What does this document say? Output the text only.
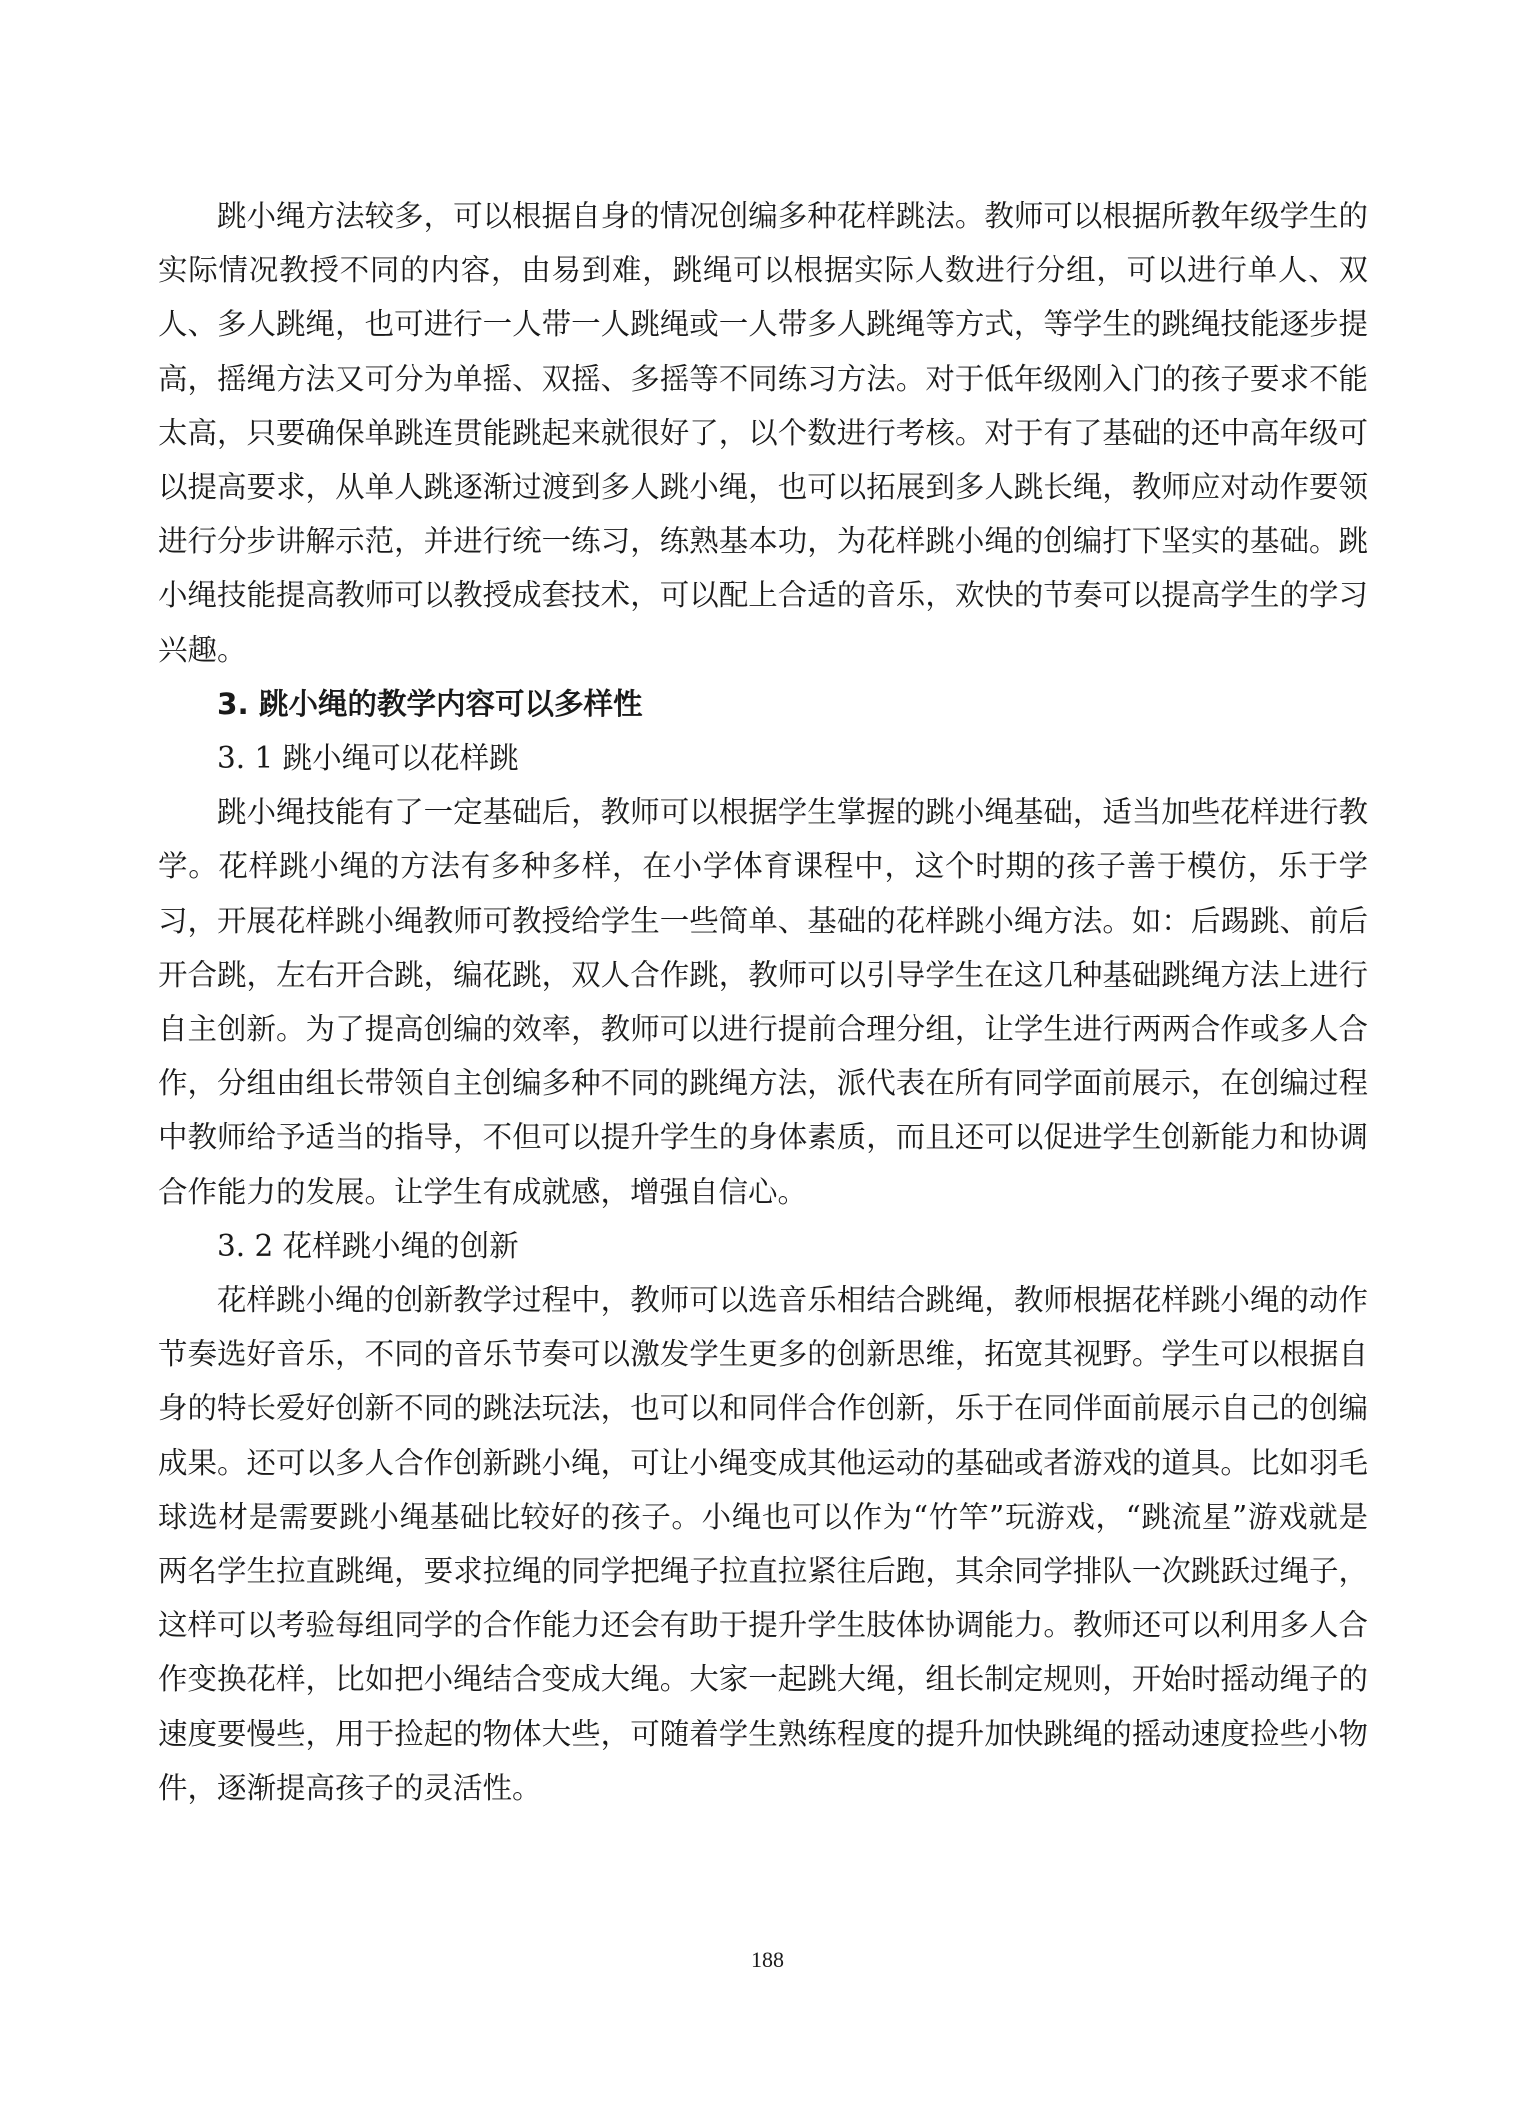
跳小绳方法较多，可以根据自身的情况创编多种花样跳法。教师可以根据所教年级学生的实际情况教授不同的内容，由易到难，跳绳可以根据实际人数进行分组，可以进行单人、双人、多人跳绳，也可进行一人带一人跳绳或一人带多人跳绳等方式，等学生的跳绳技能逐步提高，摇绳方法又可分为单摇、双摇、多摇等不同练习方法。对于低年级刚入门的孩子要求不能太高，只要确保单跳连贯能跳起来就很好了，以个数进行考核。对于有了基础的还中高年级可以提高要求，从单人跳逐渐过渡到多人跳小绳，也可以拓展到多人跳长绳，教师应对动作要领进行分步讲解示范，并进行统一练习，练熟基本功，为花样跳小绳的创编打下坚实的基础。跳小绳技能提高教师可以教授成套技术，可以配上合适的音乐，欢快的节奏可以提高学生的学习兴趣。

3. 跳小绳的教学内容可以多样性

3. 1 跳小绳可以花样跳

跳小绳技能有了一定基础后，教师可以根据学生掌握的跳小绳基础，适当加些花样进行教学。花样跳小绳的方法有多种多样，在小学体育课程中，这个时期的孩子善于模仿，乐于学习，开展花样跳小绳教师可教授给学生一些简单、基础的花样跳小绳方法。如：后踢跳、前后开合跳，左右开合跳，编花跳，双人合作跳，教师可以引导学生在这几种基础跳绳方法上进行自主创新。为了提高创编的效率，教师可以进行提前合理分组，让学生进行两两合作或多人合作，分组由组长带领自主创编多种不同的跳绳方法，派代表在所有同学面前展示，在创编过程中教师给予适当的指导，不但可以提升学生的身体素质，而且还可以促进学生创新能力和协调合作能力的发展。让学生有成就感，增强自信心。

3. 2 花样跳小绳的创新

花样跳小绳的创新教学过程中，教师可以选音乐相结合跳绳，教师根据花样跳小绳的动作节奏选好音乐，不同的音乐节奏可以激发学生更多的创新思维，拓宽其视野。学生可以根据自身的特长爱好创新不同的跳法玩法，也可以和同伴合作创新，乐于在同伴面前展示自己的创编成果。还可以多人合作创新跳小绳，可让小绳变成其他运动的基础或者游戏的道具。比如羽毛球选材是需要跳小绳基础比较好的孩子。小绳也可以作为“竹竿”玩游戏，“跳流星”游戏就是两名学生拉直跳绳，要求拉绳的同学把绳子拉直拉紧往后跑，其余同学排队一次跳跃过绳子，这样可以考验每组同学的合作能力还会有助于提升学生肢体协调能力。教师还可以利用多人合作变换花样，比如把小绳结合变成大绳。大家一起跳大绳，组长制定规则，开始时摇动绳子的速度要慢些，用于捡起的物体大些，可随着学生熟练程度的提升加快跳绳的摇动速度捡些小物件，逐渐提高孩子的灵活性。

188
